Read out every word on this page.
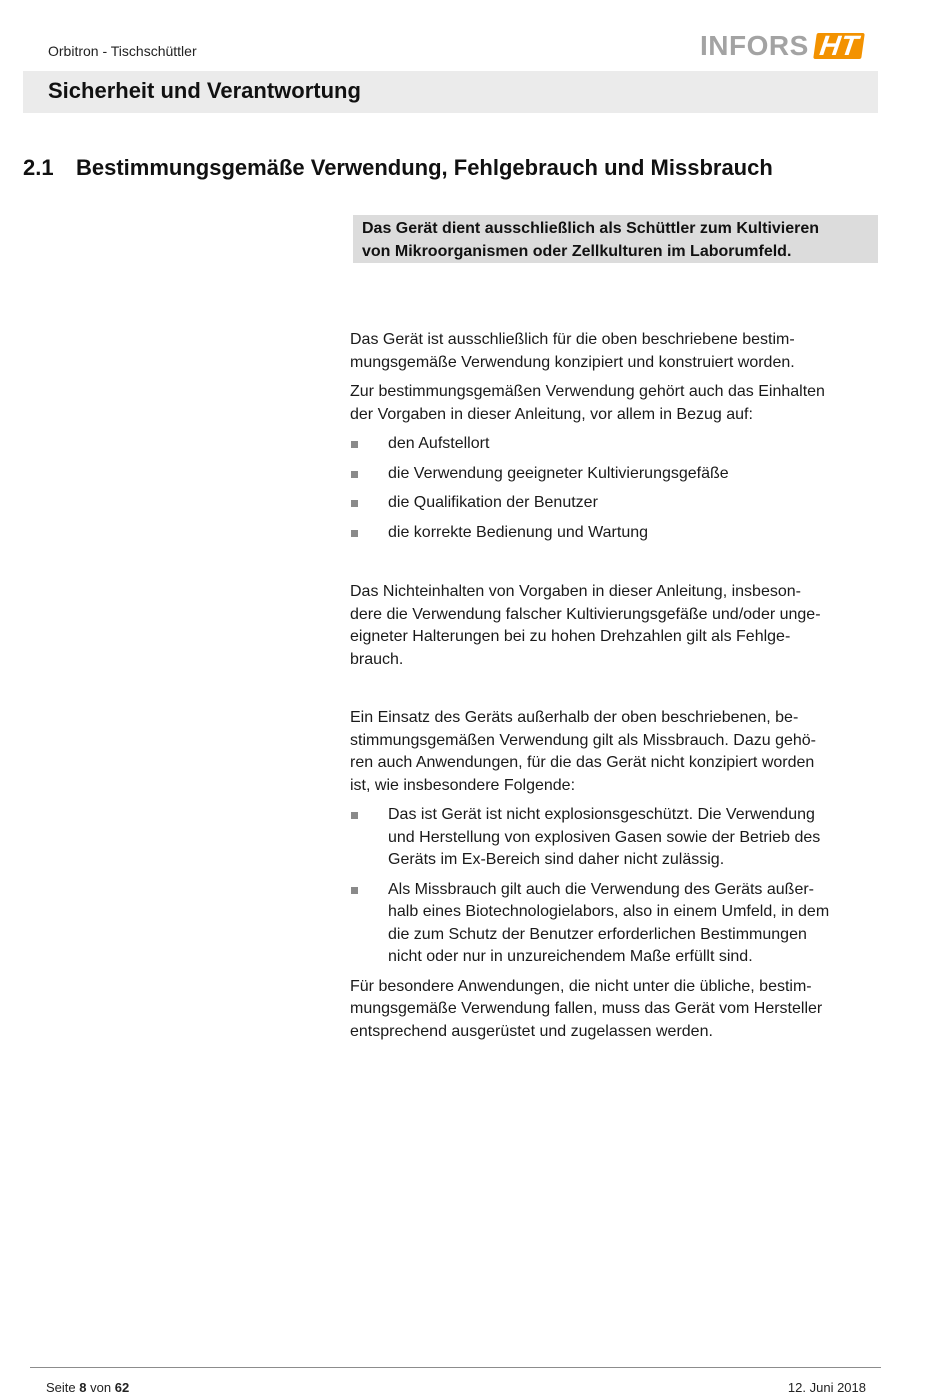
Orbitron - Tischschüttler	INFORS HT
Sicherheit und Verantwortung
2.1	Bestimmungsgemäße Verwendung, Fehlgebrauch und Missbrauch
Das Gerät dient ausschließlich als Schüttler zum Kultivieren
von Mikroorganismen oder Zellkulturen im Laborumfeld.

Das Gerät ist ausschließlich für die oben beschriebene bestim-
mungsgemäße Verwendung konzipiert und konstruiert worden.

Zur bestimmungsgemäßen Verwendung gehört auch das Einhalten
der Vorgaben in dieser Anleitung, vor allem in Bezug auf:

den Aufstellort
die Verwendung geeigneter Kultivierungsgefäße
die Qualifikation der Benutzer
die korrekte Bedienung und Wartung

Das Nichteinhalten von Vorgaben in dieser Anleitung, insbeson-
dere die Verwendung falscher Kultivierungsgefäße und/oder unge-
eigneter Halterungen bei zu hohen Drehzahlen gilt als Fehlge-
brauch.

Ein Einsatz des Geräts außerhalb der oben beschriebenen, be-
stimmungsgemäßen Verwendung gilt als Missbrauch. Dazu gehö-
ren auch Anwendungen, für die das Gerät nicht konzipiert worden
ist, wie insbesondere Folgende:

Das ist Gerät ist nicht explosionsgeschützt. Die Verwendung
und Herstellung von explosiven Gasen sowie der Betrieb des
Geräts im Ex-Bereich sind daher nicht zulässig.
Als Missbrauch gilt auch die Verwendung des Geräts außer-
halb eines Biotechnologielabors, also in einem Umfeld, in dem
die zum Schutz der Benutzer erforderlichen Bestimmungen
nicht oder nur in unzureichendem Maße erfüllt sind.

Für besondere Anwendungen, die nicht unter die übliche, bestim-
mungsgemäße Verwendung fallen, muss das Gerät vom Hersteller
entsprechend ausgerüstet und zugelassen werden.

Seite 8 von 62	12. Juni 2018
